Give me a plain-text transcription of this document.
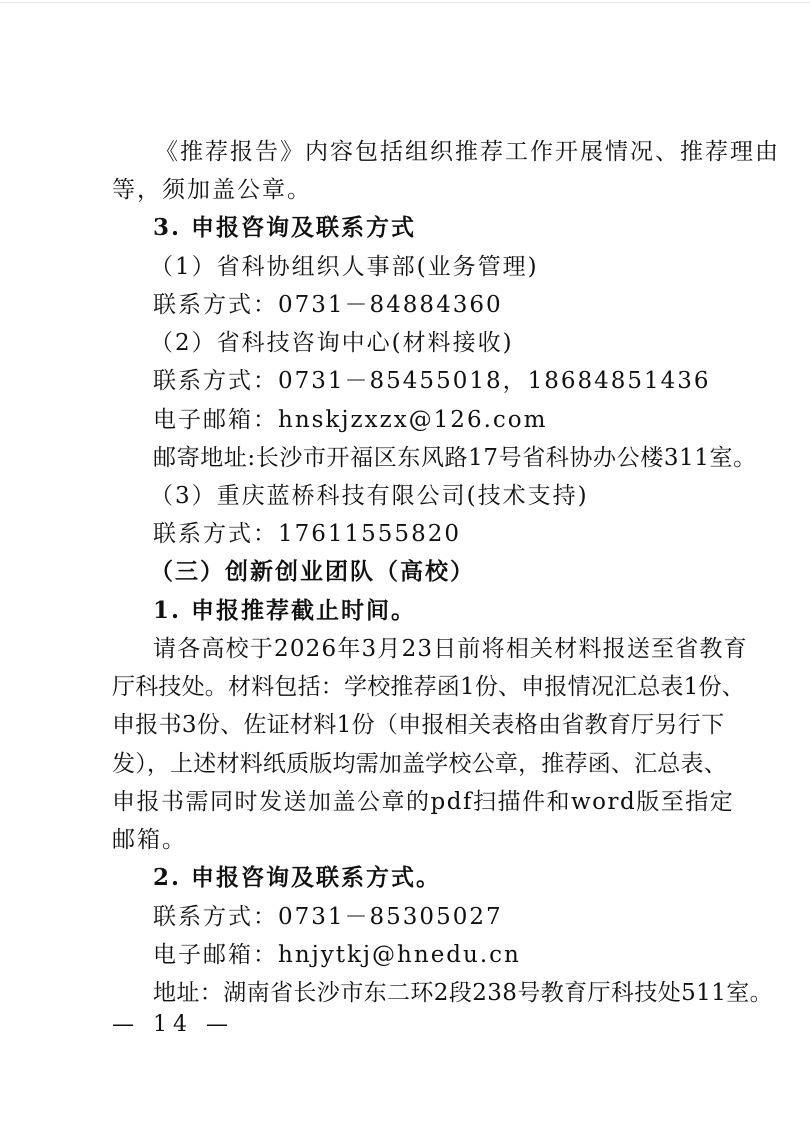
《推荐报告》内容包括组织推荐工作开展情况、推荐理由
等，须加盖公章。
3. 申报咨询及联系方式
（1）省科协组织人事部(业务管理)
联系方式：0731－84884360
（2）省科技咨询中心(材料接收)
联系方式：0731－85455018，18684851436
电子邮箱：hnskjzxzx@126.com
邮寄地址:长沙市开福区东风路17号省科协办公楼311室。
（3）重庆蓝桥科技有限公司(技术支持)
联系方式：17611555820
（三）创新创业团队（高校）
1. 申报推荐截止时间。
请各高校于2026年3月23日前将相关材料报送至省教育
厅科技处。材料包括：学校推荐函1份、申报情况汇总表1份、
申报书3份、佐证材料1份（申报相关表格由省教育厅另行下
发），上述材料纸质版均需加盖学校公章，推荐函、汇总表、
申报书需同时发送加盖公章的pdf扫描件和word版至指定
邮箱。
2. 申报咨询及联系方式。
联系方式：0731－85305027
电子邮箱：hnjytkj@hnedu.cn
地址：湖南省长沙市东二环2段238号教育厅科技处511室。
— 14 —
